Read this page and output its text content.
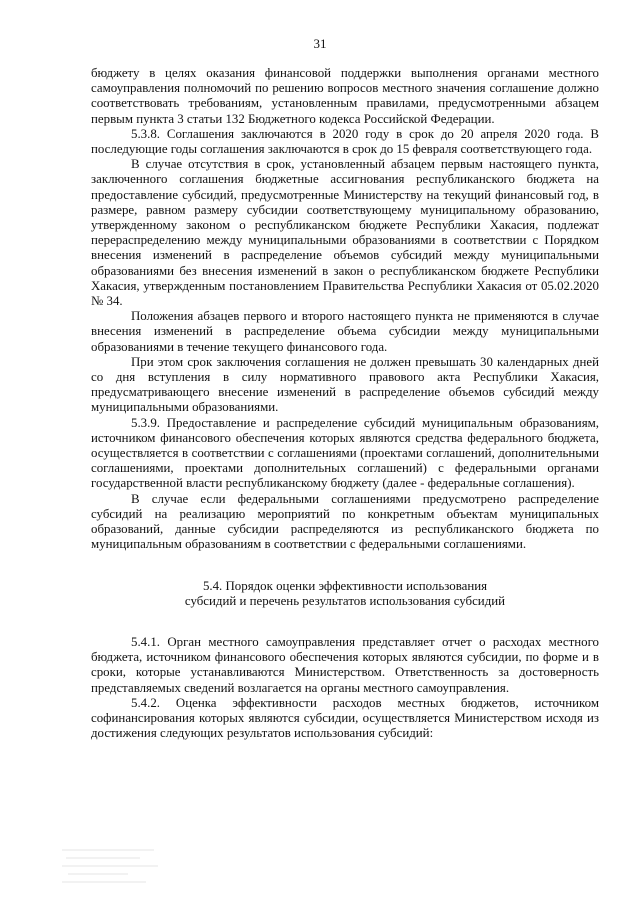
31

бюджету в целях оказания финансовой поддержки выполнения органами местного самоуправления полномочий по решению вопросов местного значения соглашение должно соответствовать требованиям, установленным правилами, предусмотренными абзацем первым пункта 3 статьи 132 Бюджетного кодекса Российской Федерации.

5.3.8. Соглашения заключаются в 2020 году в срок до 20 апреля 2020 года. В последующие годы соглашения заключаются в срок до 15 февраля соответствующего года.

В случае отсутствия в срок, установленный абзацем первым настоящего пункта, заключенного соглашения бюджетные ассигнования республиканского бюджета на предоставление субсидий, предусмотренные Министерству на текущий финансовый год, в размере, равном размеру субсидии соответствующему муниципальному образованию, утвержденному законом о республиканском бюджете Республики Хакасия, подлежат перераспределению между муниципальными образованиями в соответствии с Порядком внесения изменений в распределение объемов субсидий между муниципальными образованиями без внесения изменений в закон о республиканском бюджете Республики Хакасия, утвержденным постановлением Правительства Республики Хакасия от 05.02.2020 № 34.

Положения абзацев первого и второго настоящего пункта не применяются в случае внесения изменений в распределение объема субсидии между муниципальными образованиями в течение текущего финансового года.

При этом срок заключения соглашения не должен превышать 30 календарных дней со дня вступления в силу нормативного правового акта Республики Хакасия, предусматривающего внесение изменений в распределение объемов субсидий между муниципальными образованиями.

5.3.9. Предоставление и распределение субсидий муниципальным образованиям, источником финансового обеспечения которых являются средства федерального бюджета, осуществляется в соответствии с соглашениями (проектами соглашений, дополнительными соглашениями, проектами дополнительных соглашений) с федеральными органами государственной власти республиканскому бюджету (далее - федеральные соглашения).

В случае если федеральными соглашениями предусмотрено распределение субсидий на реализацию мероприятий по конкретным объектам муниципальных образований, данные субсидии распределяются из республиканского бюджета по муниципальным образованиям в соответствии с федеральными соглашениями.

5.4. Порядок оценки эффективности использования
субсидий и перечень результатов использования субсидий

5.4.1. Орган местного самоуправления представляет отчет о расходах местного бюджета, источником финансового обеспечения которых являются субсидии, по форме и в сроки, которые устанавливаются Министерством. Ответственность за достоверность представляемых сведений возлагается на органы местного самоуправления.

5.4.2. Оценка эффективности расходов местных бюджетов, источником софинансирования которых являются субсидии, осуществляется Министерством исходя из достижения следующих результатов использования субсидий:
